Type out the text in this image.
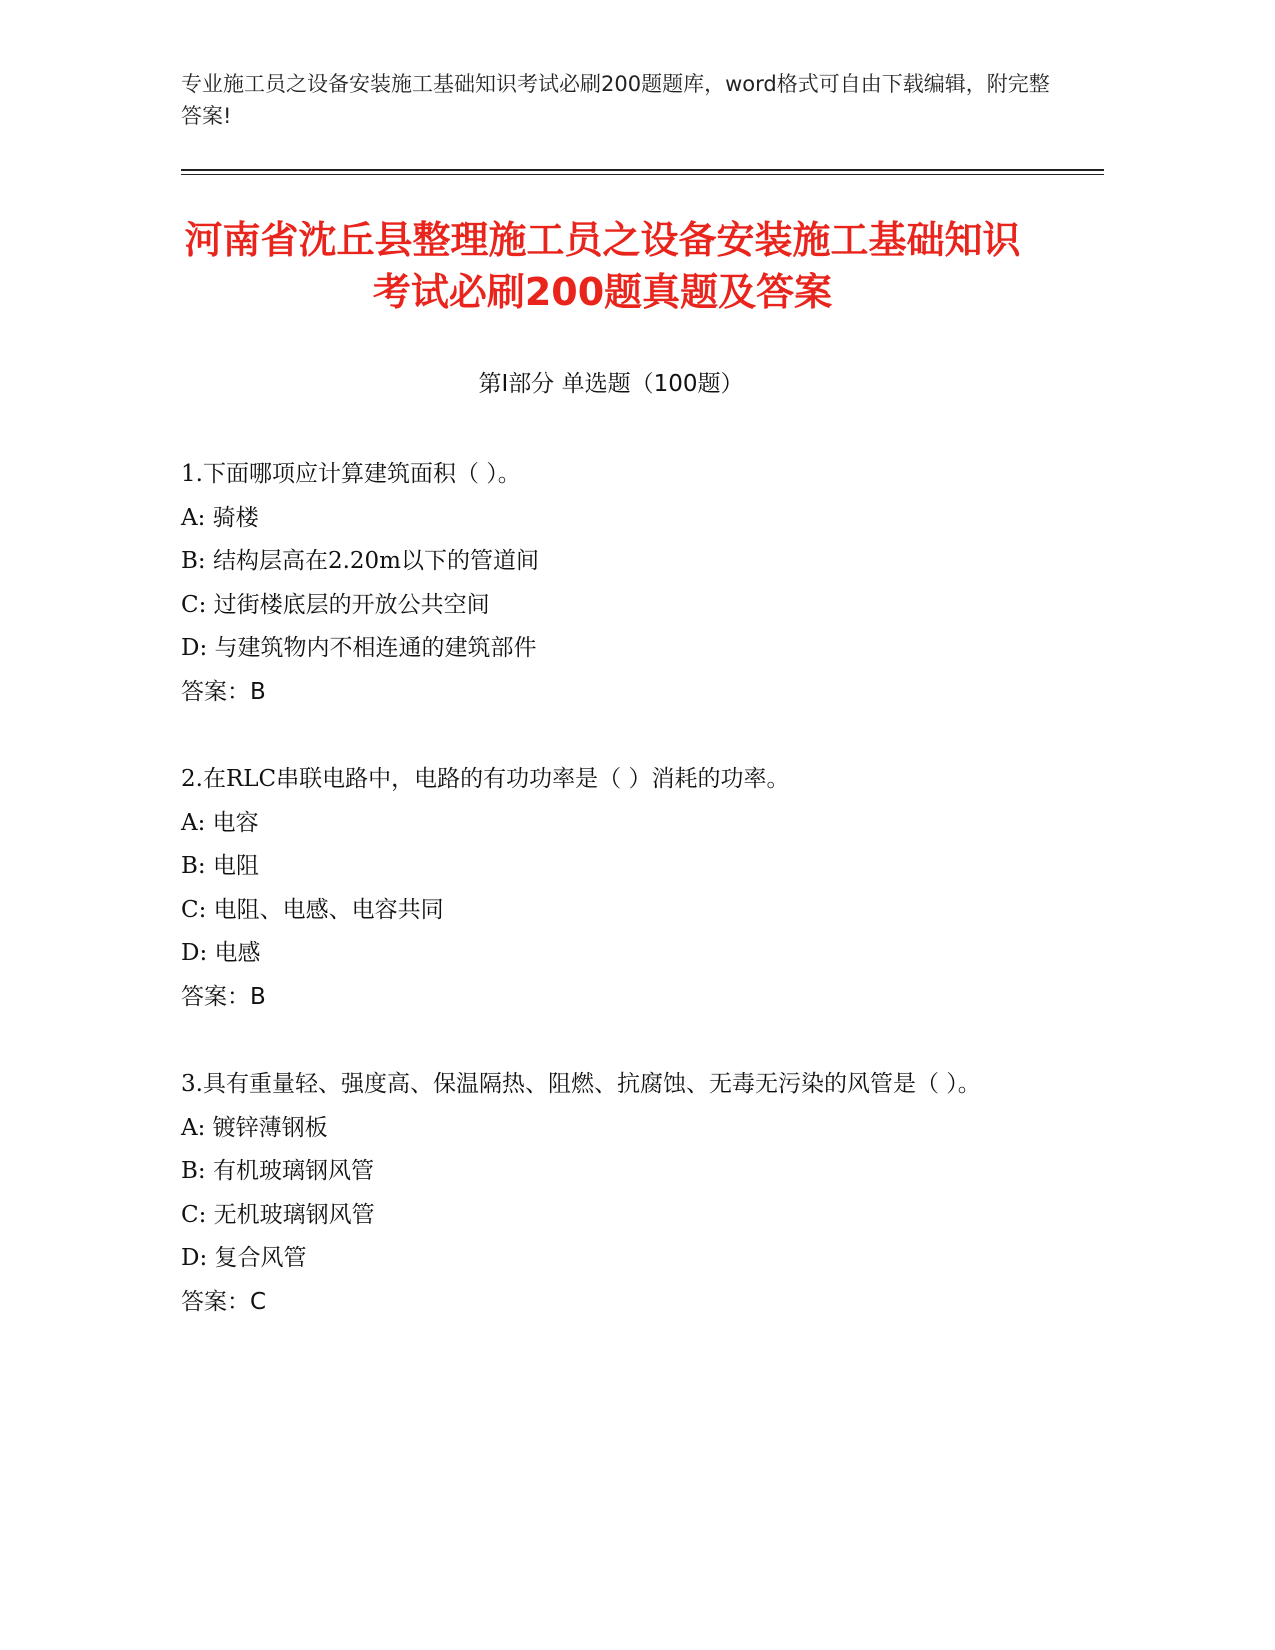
专业施工员之设备安装施工基础知识考试必刷200题题库，word格式可自由下载编辑，附完整答案!
河南省沈丘县整理施工员之设备安装施工基础知识考试必刷200题真题及答案
第Ⅰ部分 单选题（100题）
1.下面哪项应计算建筑面积（ ）。
A: 骑楼
B: 结构层高在2.20m以下的管道间
C: 过街楼底层的开放公共空间
D: 与建筑物内不相连通的建筑部件
答案：B
2.在RLC串联电路中，电路的有功功率是（ ）消耗的功率。
A: 电容
B: 电阻
C: 电阻、电感、电容共同
D: 电感
答案：B
3.具有重量轻、强度高、保温隔热、阻燃、抗腐蚀、无毒无污染的风管是（ ）。
A: 镀锌薄钢板
B: 有机玻璃钢风管
C: 无机玻璃钢风管
D: 复合风管
答案：C
